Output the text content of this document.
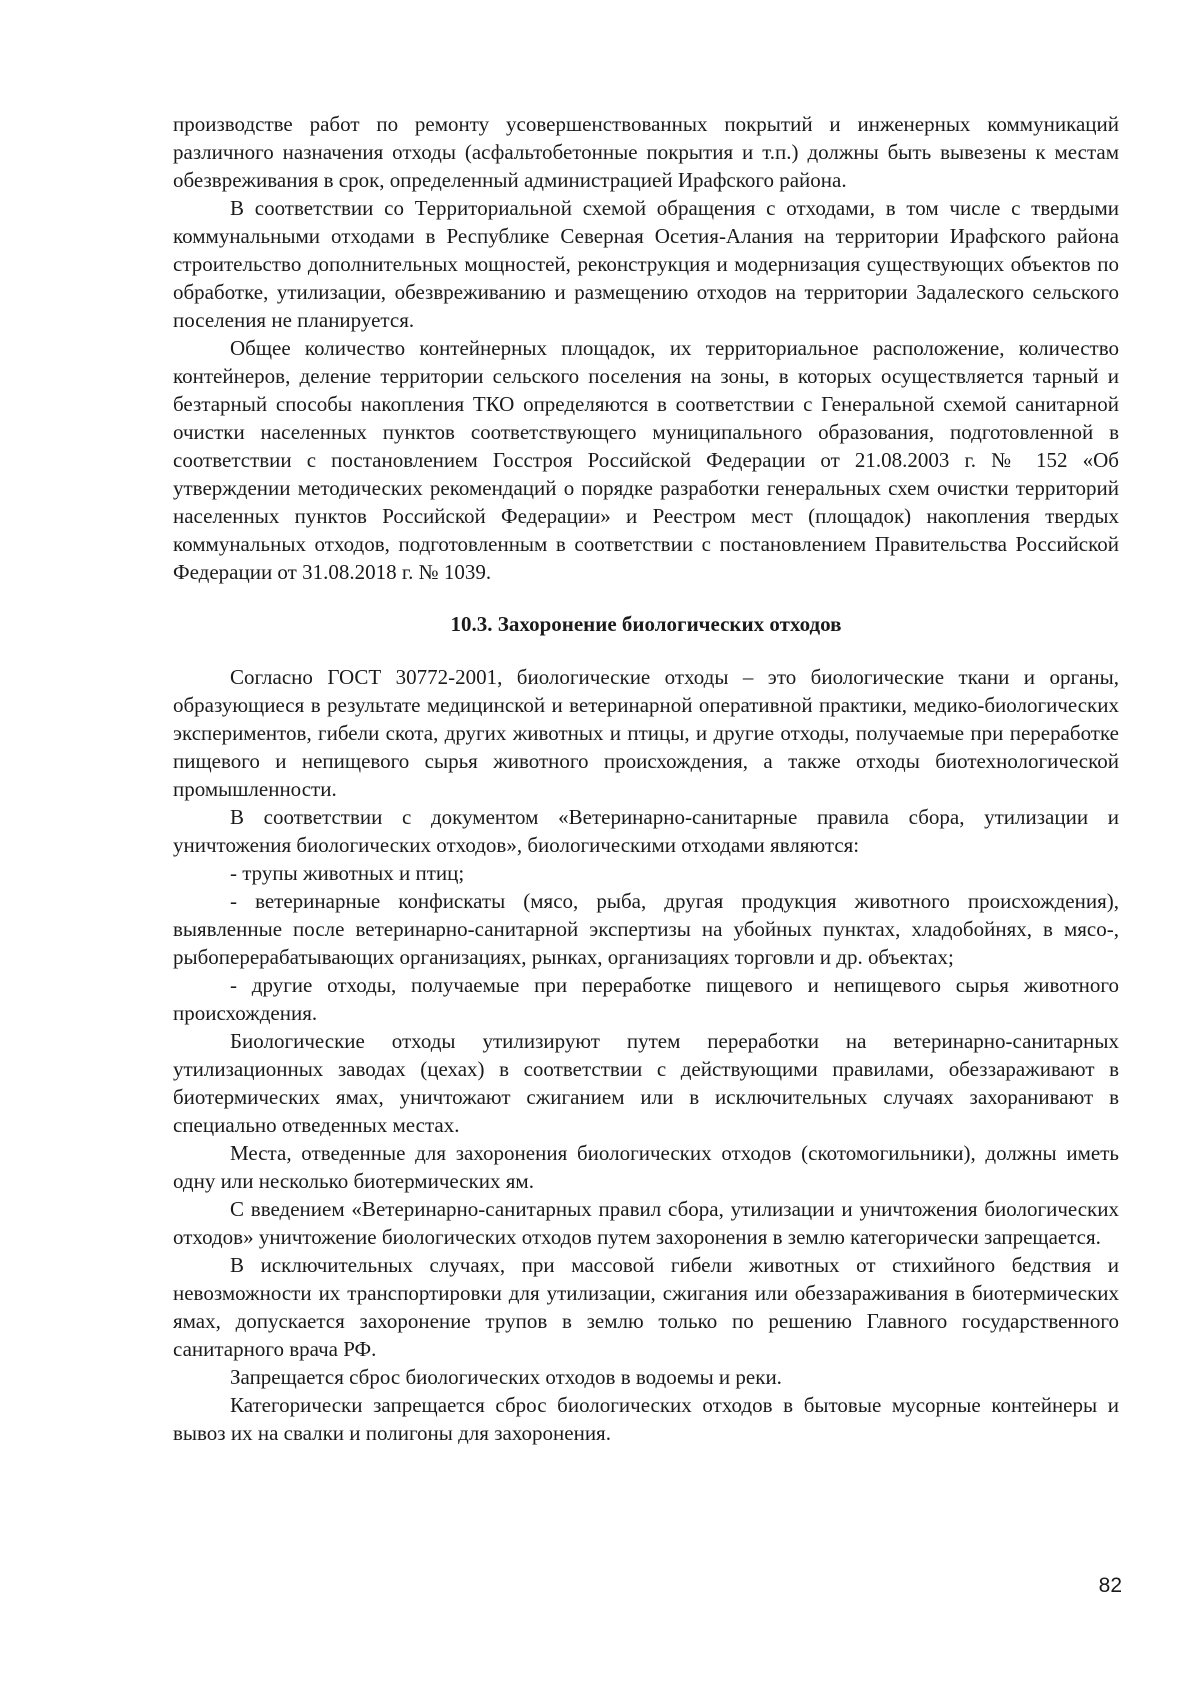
производстве работ по ремонту усовершенствованных покрытий и инженерных коммуникаций различного назначения отходы (асфальтобетонные покрытия и т.п.) должны быть вывезены к местам обезвреживания в срок, определенный администрацией Ирафского района.

В соответствии со Территориальной схемой обращения с отходами, в том числе с твердыми коммунальными отходами в Республике Северная Осетия-Алания на территории Ирафского района строительство дополнительных мощностей, реконструкция и модернизация существующих объектов по обработке, утилизации, обезвреживанию и размещению отходов на территории Задалеского сельского поселения не планируется.

Общее количество контейнерных площадок, их территориальное расположение, количество контейнеров, деление территории сельского поселения на зоны, в которых осуществляется тарный и безтарный способы накопления ТКО определяются в соответствии с Генеральной схемой санитарной очистки населенных пунктов соответствующего муниципального образования, подготовленной в соответствии с постановлением Госстроя Российской Федерации от 21.08.2003 г. № 152 «Об утверждении методических рекомендаций о порядке разработки генеральных схем очистки территорий населенных пунктов Российской Федерации» и Реестром мест (площадок) накопления твердых коммунальных отходов, подготовленным в соответствии с постановлением Правительства Российской Федерации от 31.08.2018 г. № 1039.

10.3. Захоронение биологических отходов

Согласно ГОСТ 30772-2001, биологические отходы – это биологические ткани и органы, образующиеся в результате медицинской и ветеринарной оперативной практики, медико-биологических экспериментов, гибели скота, других животных и птицы, и другие отходы, получаемые при переработке пищевого и непищевого сырья животного происхождения, а также отходы биотехнологической промышленности.

В соответствии с документом «Ветеринарно-санитарные правила сбора, утилизации и уничтожения биологических отходов», биологическими отходами являются:

- трупы животных и птиц;

- ветеринарные конфискаты (мясо, рыба, другая продукция животного происхождения), выявленные после ветеринарно-санитарной экспертизы на убойных пунктах, хладобойнях, в мясо-, рыбоперерабатывающих организациях, рынках, организациях торговли и др. объектах;

- другие отходы, получаемые при переработке пищевого и непищевого сырья животного происхождения.

Биологические отходы утилизируют путем переработки на ветеринарно-санитарных утилизационных заводах (цехах) в соответствии с действующими правилами, обеззараживают в биотермических ямах, уничтожают сжиганием или в исключительных случаях захоранивают в специально отведенных местах.

Места, отведенные для захоронения биологических отходов (скотомогильники), должны иметь одну или несколько биотермических ям.

С введением «Ветеринарно-санитарных правил сбора, утилизации и уничтожения биологических отходов» уничтожение биологических отходов путем захоронения в землю категорически запрещается.

В исключительных случаях, при массовой гибели животных от стихийного бедствия и невозможности их транспортировки для утилизации, сжигания или обеззараживания в биотермических ямах, допускается захоронение трупов в землю только по решению Главного государственного санитарного врача РФ.

Запрещается сброс биологических отходов в водоемы и реки.

Категорически запрещается сброс биологических отходов в бытовые мусорные контейнеры и вывоз их на свалки и полигоны для захоронения.

82
